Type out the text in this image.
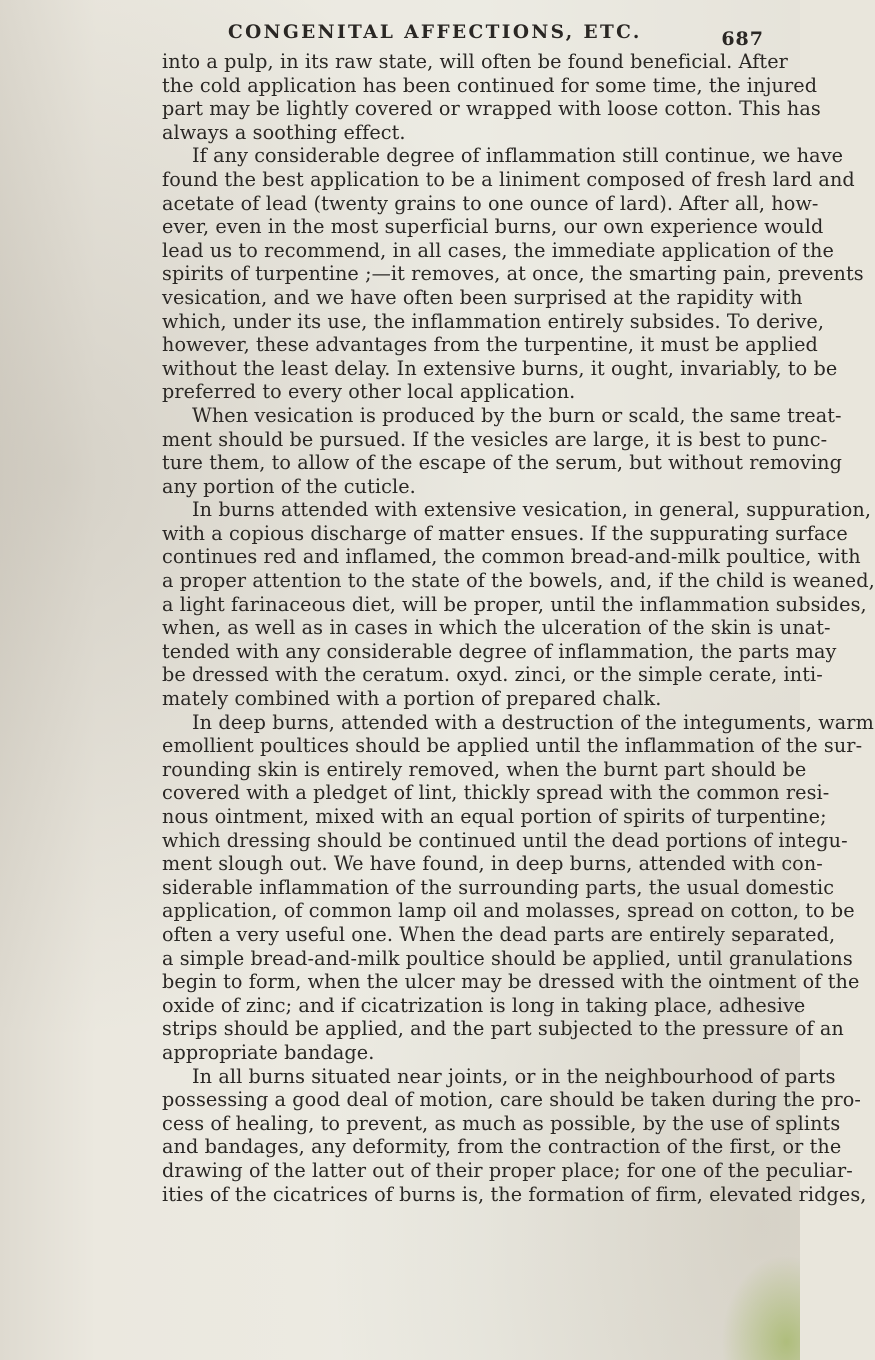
CONGENITAL AFFECTIONS, ETC.	687
into a pulp, in its raw state, will often be found beneficial. After
the cold application has been continued for some time, the injured
part may be lightly covered or wrapped with loose cotton. This has
always a soothing effect.
If any considerable degree of inflammation still continue, we have
found the best application to be a liniment composed of fresh lard and
acetate of lead (twenty grains to one ounce of lard). After all, how-
ever, even in the most superficial burns, our own experience would
lead us to recommend, in all cases, the immediate application of the
spirits of turpentine ;—it removes, at once, the smarting pain, prevents
vesication, and we have often been surprised at the rapidity with
which, under its use, the inflammation entirely subsides. To derive,
however, these advantages from the turpentine, it must be applied
without the least delay. In extensive burns, it ought, invariably, to be
preferred to every other local application.
When vesication is produced by the burn or scald, the same treat-
ment should be pursued. If the vesicles are large, it is best to punc-
ture them, to allow of the escape of the serum, but without removing
any portion of the cuticle.
In burns attended with extensive vesication, in general, suppuration,
with a copious discharge of matter ensues. If the suppurating surface
continues red and inflamed, the common bread-and-milk poultice, with
a proper attention to the state of the bowels, and, if the child is weaned,
a light farinaceous diet, will be proper, until the inflammation subsides,
when, as well as in cases in which the ulceration of the skin is unat-
tended with any considerable degree of inflammation, the parts may
be dressed with the ceratum. oxyd. zinci, or the simple cerate, inti-
mately combined with a portion of prepared chalk.
In deep burns, attended with a destruction of the integuments, warm
emollient poultices should be applied until the inflammation of the sur-
rounding skin is entirely removed, when the burnt part should be
covered with a pledget of lint, thickly spread with the common resi-
nous ointment, mixed with an equal portion of spirits of turpentine;
which dressing should be continued until the dead portions of integu-
ment slough out. We have found, in deep burns, attended with con-
siderable inflammation of the surrounding parts, the usual domestic
application, of common lamp oil and molasses, spread on cotton, to be
often a very useful one. When the dead parts are entirely separated,
a simple bread-and-milk poultice should be applied, until granulations
begin to form, when the ulcer may be dressed with the ointment of the
oxide of zinc; and if cicatrization is long in taking place, adhesive
strips should be applied, and the part subjected to the pressure of an
appropriate bandage.
In all burns situated near joints, or in the neighbourhood of parts
possessing a good deal of motion, care should be taken during the pro-
cess of healing, to prevent, as much as possible, by the use of splints
and bandages, any deformity, from the contraction of the first, or the
drawing of the latter out of their proper place; for one of the peculiar-
ities of the cicatrices of burns is, the formation of firm, elevated ridges,
